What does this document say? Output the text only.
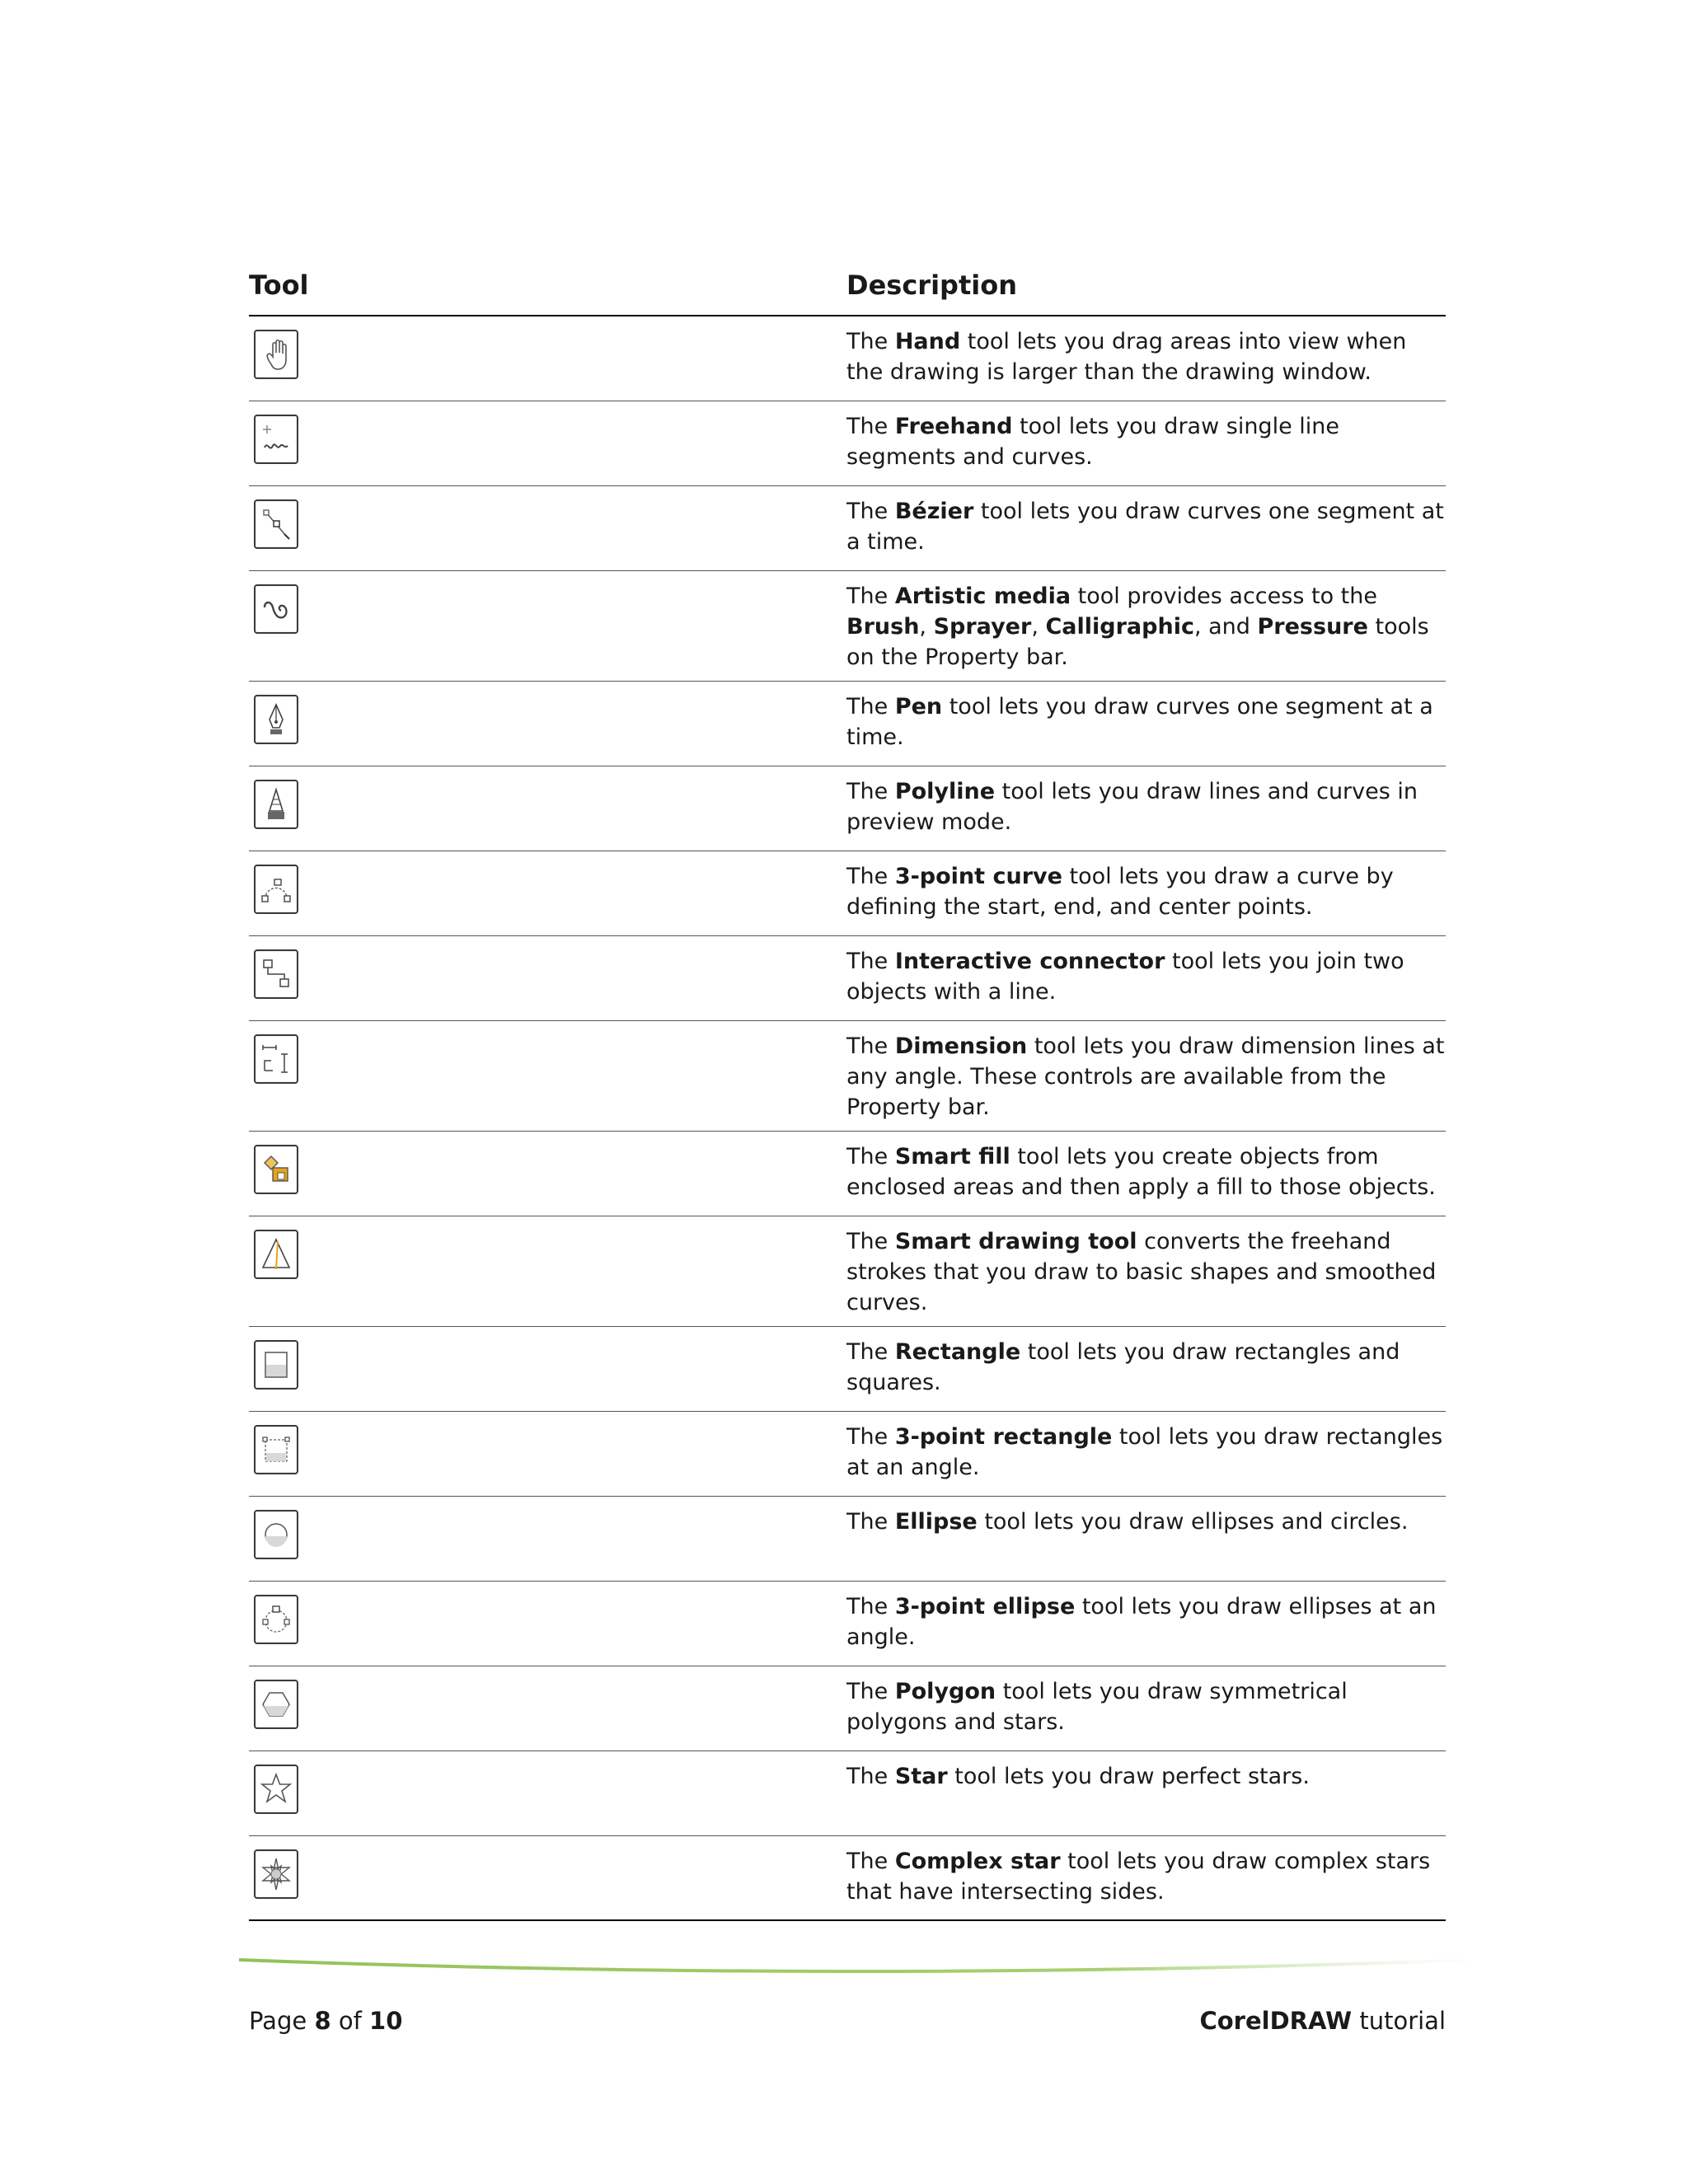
Tool	Description
The Hand tool lets you drag areas into view when the drawing is larger than the drawing window.
The Freehand tool lets you draw single line segments and curves.
The Bézier tool lets you draw curves one segment at a time.
The Artistic media tool provides access to the Brush, Sprayer, Calligraphic, and Pressure tools on the Property bar.
The Pen tool lets you draw curves one segment at a time.
The Polyline tool lets you draw lines and curves in preview mode.
The 3-point curve tool lets you draw a curve by defining the start, end, and center points.
The Interactive connector tool lets you join two objects with a line.
The Dimension tool lets you draw dimension lines at any angle. These controls are available from the Property bar.
The Smart fill tool lets you create objects from enclosed areas and then apply a fill to those objects.
The Smart drawing tool converts the freehand strokes that you draw to basic shapes and smoothed curves.
The Rectangle tool lets you draw rectangles and squares.
The 3-point rectangle tool lets you draw rectangles at an angle.
The Ellipse tool lets you draw ellipses and circles.
The 3-point ellipse tool lets you draw ellipses at an angle.
The Polygon tool lets you draw symmetrical polygons and stars.
The Star tool lets you draw perfect stars.
The Complex star tool lets you draw complex stars that have intersecting sides.
Page 8 of 10	CorelDRAW tutorial
